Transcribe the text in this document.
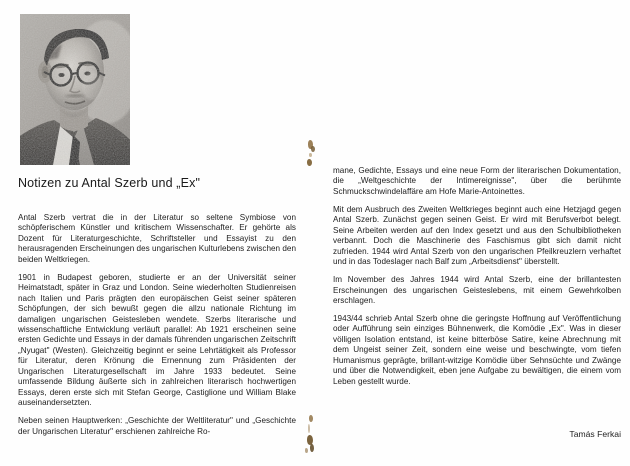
Notizen zu Antal Szerb und „Ex"

Antal Szerb vertrat die in der Literatur so seltene Symbiose von schöpferischem Künstler und kritischem Wissenschafter. Er gehörte als Dozent für Literaturgeschichte, Schriftsteller und Essayist zu den herausragenden Erscheinungen des ungarischen Kulturlebens zwischen den beiden Weltkriegen.

1901 in Budapest geboren, studierte er an der Universität seiner Heimatstadt, später in Graz und London. Seine wiederholten Studienreisen nach Italien und Paris prägten den europäischen Geist seiner späteren Schöpfungen, der sich bewußt gegen die allzu nationale Richtung im damaligen ungarischen Geistesleben wendete. Szerbs literarische und wissenschaftliche Entwicklung verläuft parallel: Ab 1921 erscheinen seine ersten Gedichte und Essays in der damals führenden ungarischen Zeitschrift „Nyugat" (Westen). Gleichzeitig beginnt er seine Lehrtätigkeit als Professor für Literatur, deren Krönung die Ernennung zum Präsidenten der Ungarischen Literaturgesellschaft im Jahre 1933 bedeutet. Seine umfassende Bildung äußerte sich in zahlreichen literarisch hochwertigen Essays, deren erste sich mit Stefan George, Castiglione und William Blake auseinandersetzten.

Neben seinen Hauptwerken: „Geschichte der Weltliteratur" und „Geschichte der Ungarischen Literatur" erschienen zahlreiche Ro-

mane, Gedichte, Essays und eine neue Form der literarischen Dokumentation, die „Weltgeschichte der Intimereignisse", über die berühmte Schmuckschwindelaffäre am Hofe Marie-Antoinettes.

Mit dem Ausbruch des Zweiten Weltkrieges beginnt auch eine Hetzjagd gegen Antal Szerb. Zunächst gegen seinen Geist. Er wird mit Berufsverbot belegt. Seine Arbeiten werden auf den Index gesetzt und aus den Schulbibliotheken verbannt. Doch die Maschinerie des Faschismus gibt sich damit nicht zufrieden. 1944 wird Antal Szerb von den ungarischen Pfeilkreuzlern verhaftet und in das Todeslager nach Balf zum „Arbeitsdienst" überstellt.

Im November des Jahres 1944 wird Antal Szerb, eine der brillantesten Erscheinungen des ungarischen Geisteslebens, mit einem Gewehrkolben erschlagen.

1943/44 schrieb Antal Szerb ohne die geringste Hoffnung auf Veröffentlichung oder Aufführung sein einziges Bühnenwerk, die Komödie „Ex". Was in dieser völligen Isolation entstand, ist keine bitterböse Satire, keine Abrechnung mit dem Ungeist seiner Zeit, sondern eine weise und beschwingte, vom tiefen Humanismus geprägte, brillant-witzige Komödie über Sehnsüchte und Zwänge und über die Notwendigkeit, eben jene Aufgabe zu bewältigen, die einem vom Leben gestellt wurde.

Tamás Ferkai
